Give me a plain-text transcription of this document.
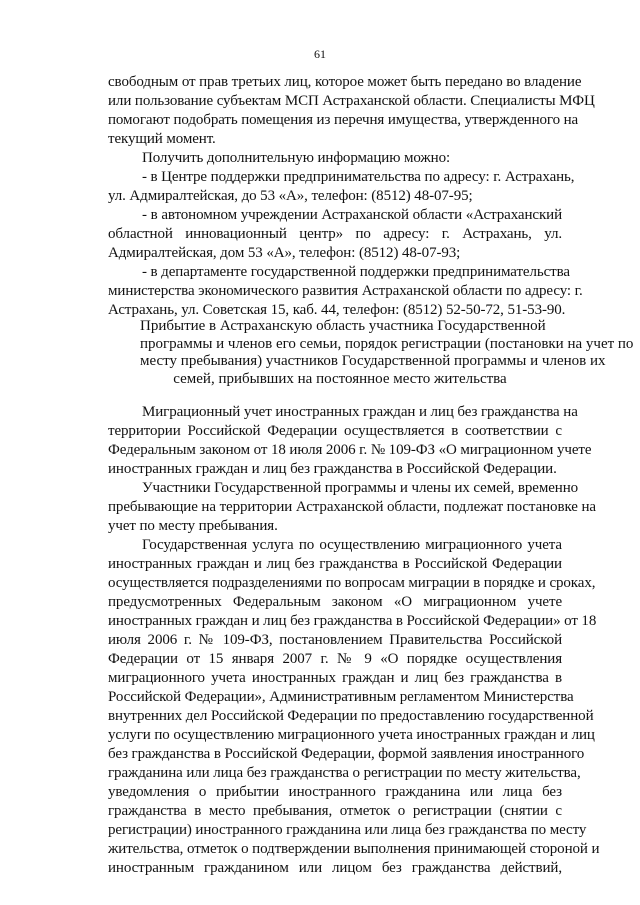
61
свободным от прав третьих лиц, которое может быть передано во владение
или пользование субъектам МСП Астраханской области. Специалисты МФЦ
помогают подобрать помещения из перечня имущества, утвержденного на
текущий момент.
Получить дополнительную информацию можно:
- в Центре поддержки предпринимательства по адресу: г. Астрахань,
ул. Адмиралтейская, до 53 «А», телефон: (8512) 48-07-95;
- в автономном учреждении Астраханской области «Астраханский
областной инновационный центр» по адресу: г. Астрахань, ул.
Адмиралтейская, дом 53 «А», телефон: (8512) 48-07-93;
- в департаменте государственной поддержки предпринимательства
министерства экономического развития Астраханской области по адресу: г.
Астрахань, ул. Советская 15, каб. 44, телефон: (8512) 52-50-72, 51-53-90.
Прибытие в Астраханскую область участника Государственной
программы и членов его семьи, порядок регистрации (постановки на учет по
месту пребывания) участников Государственной программы и членов их
семей, прибывших на постоянное место жительства
Миграционный учет иностранных граждан и лиц без гражданства на
территории Российской Федерации осуществляется в соответствии с
Федеральным законом от 18 июля 2006 г. № 109-ФЗ «О миграционном учете
иностранных граждан и лиц без гражданства в Российской Федерации.
Участники Государственной программы и члены их семей, временно
пребывающие на территории Астраханской области, подлежат постановке на
учет по месту пребывания.
Государственная услуга по осуществлению миграционного учета
иностранных граждан и лиц без гражданства в Российской Федерации
осуществляется подразделениями по вопросам миграции в порядке и сроках,
предусмотренных Федеральным законом «О миграционном учете
иностранных граждан и лиц без гражданства в Российской Федерации» от 18
июля 2006 г. № 109-ФЗ, постановлением Правительства Российской
Федерации от 15 января 2007 г. № 9 «О порядке осуществления
миграционного учета иностранных граждан и лиц без гражданства в
Российской Федерации», Административным регламентом Министерства
внутренних дел Российской Федерации по предоставлению государственной
услуги по осуществлению миграционного учета иностранных граждан и лиц
без гражданства в Российской Федерации, формой заявления иностранного
гражданина или лица без гражданства о регистрации по месту жительства,
уведомления о прибытии иностранного гражданина или лица без
гражданства в место пребывания, отметок о регистрации (снятии с
регистрации) иностранного гражданина или лица без гражданства по месту
жительства, отметок о подтверждении выполнения принимающей стороной и
иностранным гражданином или лицом без гражданства действий,
